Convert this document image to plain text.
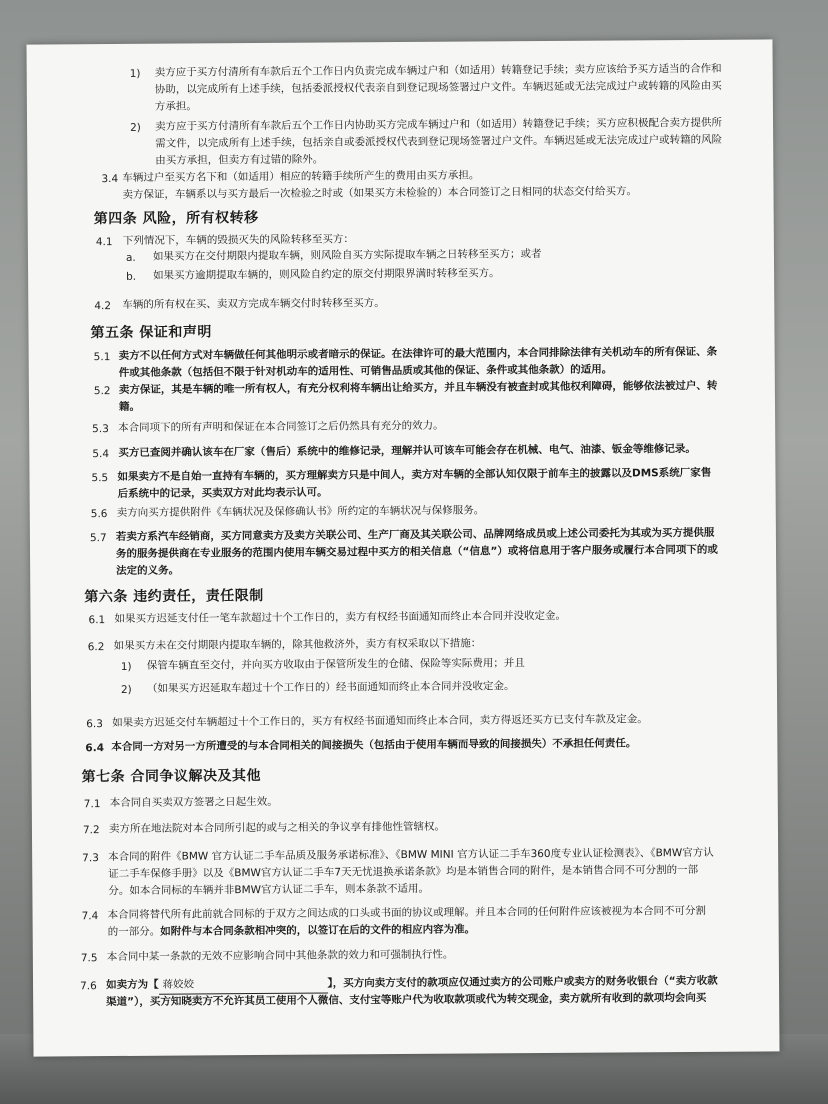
1) 卖方应于买方付清所有车款后五个工作日内负责完成车辆过户和（如适用）转籍登记手续；卖方应该给予买方适当的合作和
协助，以完成所有上述手续，包括委派授权代表亲自到登记现场签署过户文件。车辆迟延或无法完成过户或转籍的风险由买
方承担。
2) 卖方应于买方付清所有车款后五个工作日内协助买方完成车辆过户和（如适用）转籍登记手续；买方应积极配合卖方提供所
需文件，以完成所有上述手续，包括亲自或委派授权代表到登记现场签署过户文件。车辆迟延或无法完成过户或转籍的风险
由买方承担，但卖方有过错的除外。
3.4 车辆过户至买方名下和（如适用）相应的转籍手续所产生的费用由买方承担。
卖方保证，车辆系以与买方最后一次检验之时或（如果买方未检验的）本合同签订之日相同的状态交付给买方。
第四条 风险，所有权转移
4.1 下列情况下，车辆的毁损灭失的风险转移至买方：
a. 如果买方在交付期限内提取车辆，则风险自买方实际提取车辆之日转移至买方；或者
b. 如果买方逾期提取车辆的，则风险自约定的原交付期限界满时转移至买方。
4.2 车辆的所有权在买、卖双方完成车辆交付时转移至买方。
第五条 保证和声明
5.1 卖方不以任何方式对车辆做任何其他明示或者暗示的保证。在法律许可的最大范围内，本合同排除法律有关机动车的所有保证、条
件或其他条款（包括但不限于针对机动车的适用性、可销售品质或其他的保证、条件或其他条款）的适用。
5.2 卖方保证，其是车辆的唯一所有权人，有充分权利将车辆出让给买方，并且车辆没有被查封或其他权利障碍，能够依法被过户、转
籍。
5.3 本合同项下的所有声明和保证在本合同签订之后仍然具有充分的效力。
5.4 买方已查阅并确认该车在厂家（售后）系统中的维修记录，理解并认可该车可能会存在机械、电气、油漆、钣金等维修记录。
5.5 如果卖方不是自始一直持有车辆的，买方理解卖方只是中间人，卖方对车辆的全部认知仅限于前车主的披露以及DMS系统厂家售
后系统中的记录，买卖双方对此均表示认可。
5.6 卖方向买方提供附件《车辆状况及保修确认书》所约定的车辆状况与保修服务。
5.7 若卖方系汽车经销商，买方同意卖方及卖方关联公司、生产厂商及其关联公司、品牌网络成员或上述公司委托为其或为买方提供服
务的服务提供商在专业服务的范围内使用车辆交易过程中买方的相关信息（“信息”）或将信息用于客户服务或履行本合同项下的或
法定的义务。
第六条 违约责任，责任限制
6.1 如果买方迟延支付任一笔车款超过十个工作日的，卖方有权经书面通知而终止本合同并没收定金。
6.2 如果买方未在交付期限内提取车辆的，除其他救济外，卖方有权采取以下措施：
1) 保管车辆直至交付，并向买方收取由于保管所发生的仓储、保险等实际费用；并且
2) （如果买方迟延取车超过十个工作日的）经书面通知而终止本合同并没收定金。
6.3 如果卖方迟延交付车辆超过十个工作日的，买方有权经书面通知而终止本合同，卖方得返还买方已支付车款及定金。
6.4 本合同一方对另一方所遭受的与本合同相关的间接损失（包括由于使用车辆而导致的间接损失）不承担任何责任。
第七条 合同争议解决及其他
7.1 本合同自买卖双方签署之日起生效。
7.2 卖方所在地法院对本合同所引起的或与之相关的争议享有排他性管辖权。
7.3 本合同的附件《BMW 官方认证二手车品质及服务承诺标准》、《BMW MINI 官方认证二手车360度专业认证检测表》、《BMW官方认
证二手车保修手册》以及《BMW官方认证二手车7天无忧退换承诺条款》均是本销售合同的附件，是本销售合同不可分割的一部
分。如本合同标的车辆并非BMW官方认证二手车，则本条款不适用。
7.4 本合同将替代所有此前就合同标的于双方之间达成的口头或书面的协议或理解。并且本合同的任何附件应该被视为本合同不可分割
的一部分。如附件与本合同条款相冲突的，以签订在后的文件的相应内容为准。
7.5 本合同中某一条款的无效不应影响合同中其他条款的效力和可强制执行性。
7.6 如卖方为【 蒋姣姣	】，买方向卖方支付的款项应仅通过卖方的公司账户或卖方的财务收银台（“卖方收款
渠道”），买方知晓卖方不允许其员工使用个人微信、支付宝等账户代为收取款项或代为转交现金，卖方就所有收到的款项均会向买
